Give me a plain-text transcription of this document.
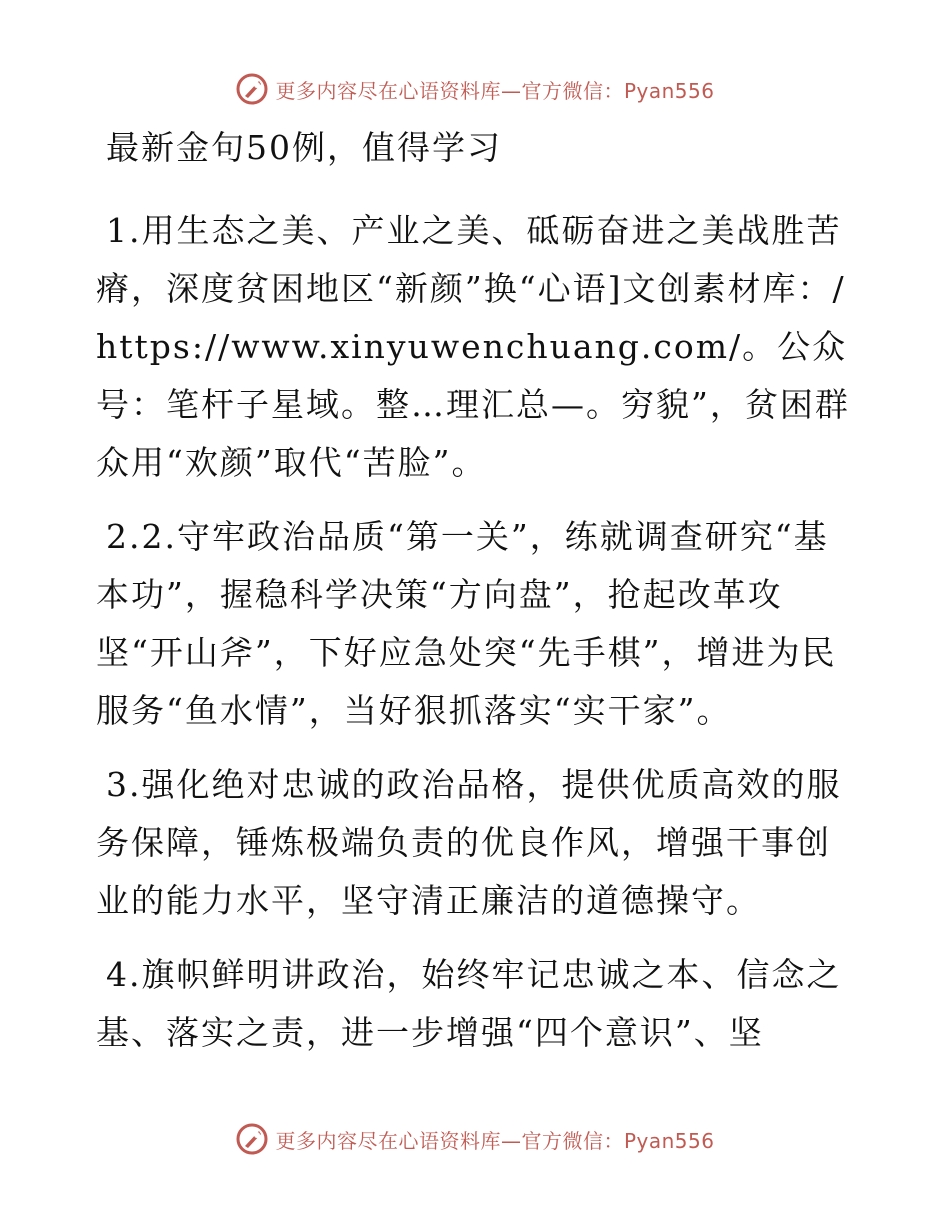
更多内容尽在心语资料库—官方微信：Pyan556
最新金句50例，值得学习

1.用生态之美、产业之美、砥砺奋进之美战胜苦瘠，深度贫困地区“新颜”换“心语]文创素材库：/https://www.xinyuwenchuang.com/。公众号：笔杆子星域。整…理汇总—。穷貌”，贫困群众用“欢颜”取代“苦脸”。

2.2.守牢政治品质“第一关”，练就调查研究“基本功”，握稳科学决策“方向盘”，抢起改革攻坚“开山斧”，下好应急处突“先手棋”，增进为民服务“鱼水情”，当好狠抓落实“实干家”。

3.强化绝对忠诚的政治品格，提供优质高效的服务保障，锤炼极端负责的优良作风，增强干事创业的能力水平，坚守清正廉洁的道德操守。

4.旗帜鲜明讲政治，始终牢记忠诚之本、信念之基、落实之责，进一步增强“四个意识”、坚

更多内容尽在心语资料库—官方微信：Pyan556
